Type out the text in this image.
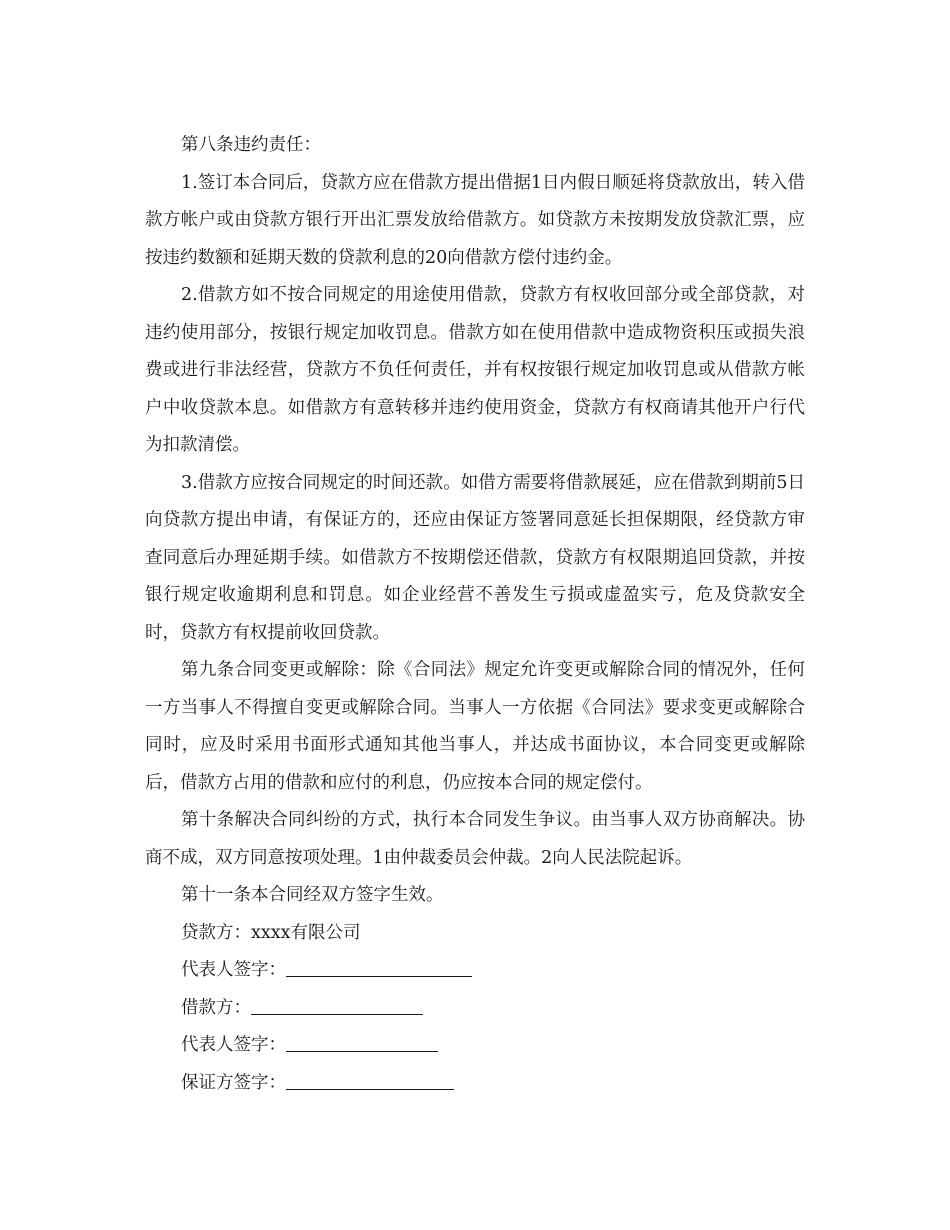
第八条违约责任：

1.签订本合同后，贷款方应在借款方提出借据1日内假日顺延将贷款放出，转入借款方帐户或由贷款方银行开出汇票发放给借款方。如贷款方未按期发放贷款汇票，应按违约数额和延期天数的贷款利息的20向借款方偿付违约金。

2.借款方如不按合同规定的用途使用借款，贷款方有权收回部分或全部贷款，对违约使用部分，按银行规定加收罚息。借款方如在使用借款中造成物资积压或损失浪费或进行非法经营，贷款方不负任何责任，并有权按银行规定加收罚息或从借款方帐户中收贷款本息。如借款方有意转移并违约使用资金，贷款方有权商请其他开户行代为扣款清偿。

3.借款方应按合同规定的时间还款。如借方需要将借款展延，应在借款到期前5日向贷款方提出申请，有保证方的，还应由保证方签署同意延长担保期限，经贷款方审查同意后办理延期手续。如借款方不按期偿还借款，贷款方有权限期追回贷款，并按银行规定收逾期利息和罚息。如企业经营不善发生亏损或虚盈实亏，危及贷款安全时，贷款方有权提前收回贷款。

第九条合同变更或解除：除《合同法》规定允许变更或解除合同的情况外，任何一方当事人不得擅自变更或解除合同。当事人一方依据《合同法》要求变更或解除合同时，应及时采用书面形式通知其他当事人，并达成书面协议，本合同变更或解除后，借款方占用的借款和应付的利息，仍应按本合同的规定偿付。

第十条解决合同纠纷的方式，执行本合同发生争议。由当事人双方协商解决。协商不成，双方同意按项处理。1由仲裁委员会仲裁。2向人民法院起诉。

第十一条本合同经双方签字生效。

贷款方：xxxx有限公司

代表人签字：

借款方：

代表人签字：

保证方签字：
